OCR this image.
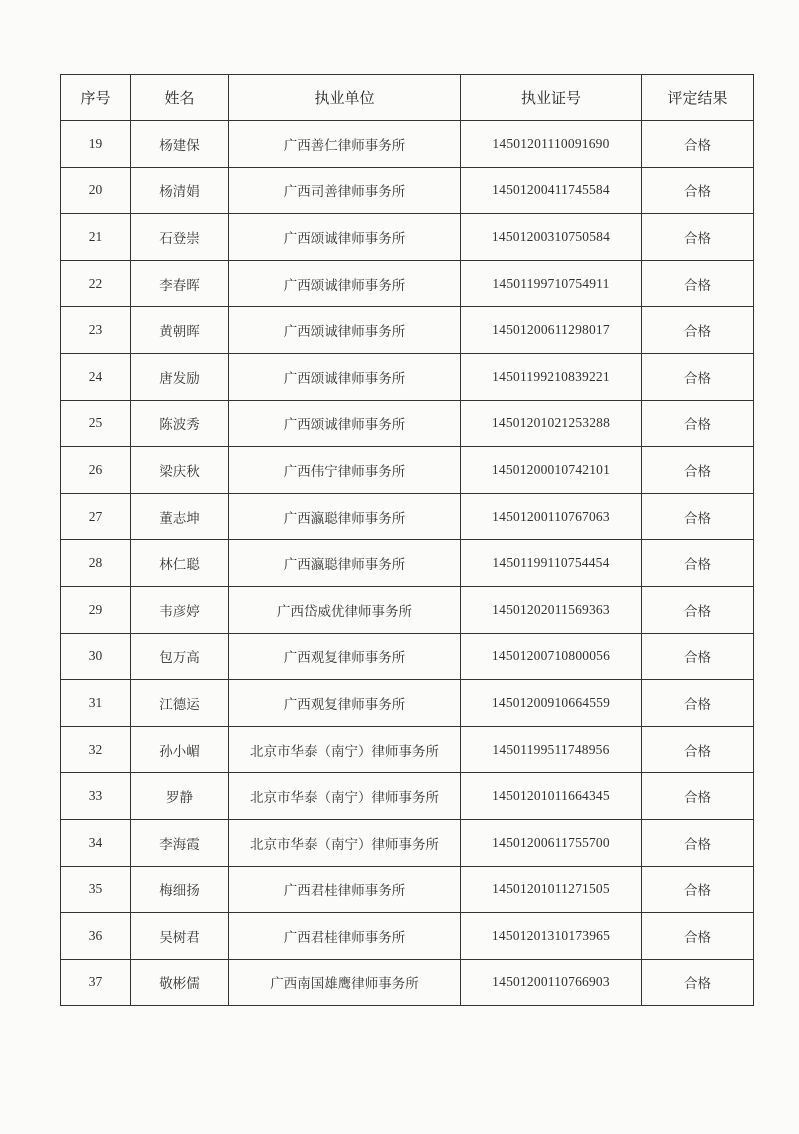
序号	姓名	执业单位	执业证号	评定结果
19	杨建保	广西善仁律师事务所	14501201110091690	合格
20	杨清娟	广西司善律师事务所	14501200411745584	合格
21	石登崇	广西颂诚律师事务所	14501200310750584	合格
22	李春晖	广西颂诚律师事务所	14501199710754911	合格
23	黄朝晖	广西颂诚律师事务所	14501200611298017	合格
24	唐发励	广西颂诚律师事务所	14501199210839221	合格
25	陈波秀	广西颂诚律师事务所	14501201021253288	合格
26	梁庆秋	广西伟宁律师事务所	14501200010742101	合格
27	董志坤	广西瀛聪律师事务所	14501200110767063	合格
28	林仁聪	广西瀛聪律师事务所	14501199110754454	合格
29	韦彦婷	广西岱威优律师事务所	14501202011569363	合格
30	包万高	广西观复律师事务所	14501200710800056	合格
31	江德运	广西观复律师事务所	14501200910664559	合格
32	孙小嵋	北京市华泰（南宁）律师事务所	14501199511748956	合格
33	罗静	北京市华泰（南宁）律师事务所	14501201011664345	合格
34	李海霞	北京市华泰（南宁）律师事务所	14501200611755700	合格
35	梅细扬	广西君桂律师事务所	14501201011271505	合格
36	吴树君	广西君桂律师事务所	14501201310173965	合格
37	敬彬儒	广西南国雄鹰律师事务所	14501200110766903	合格
